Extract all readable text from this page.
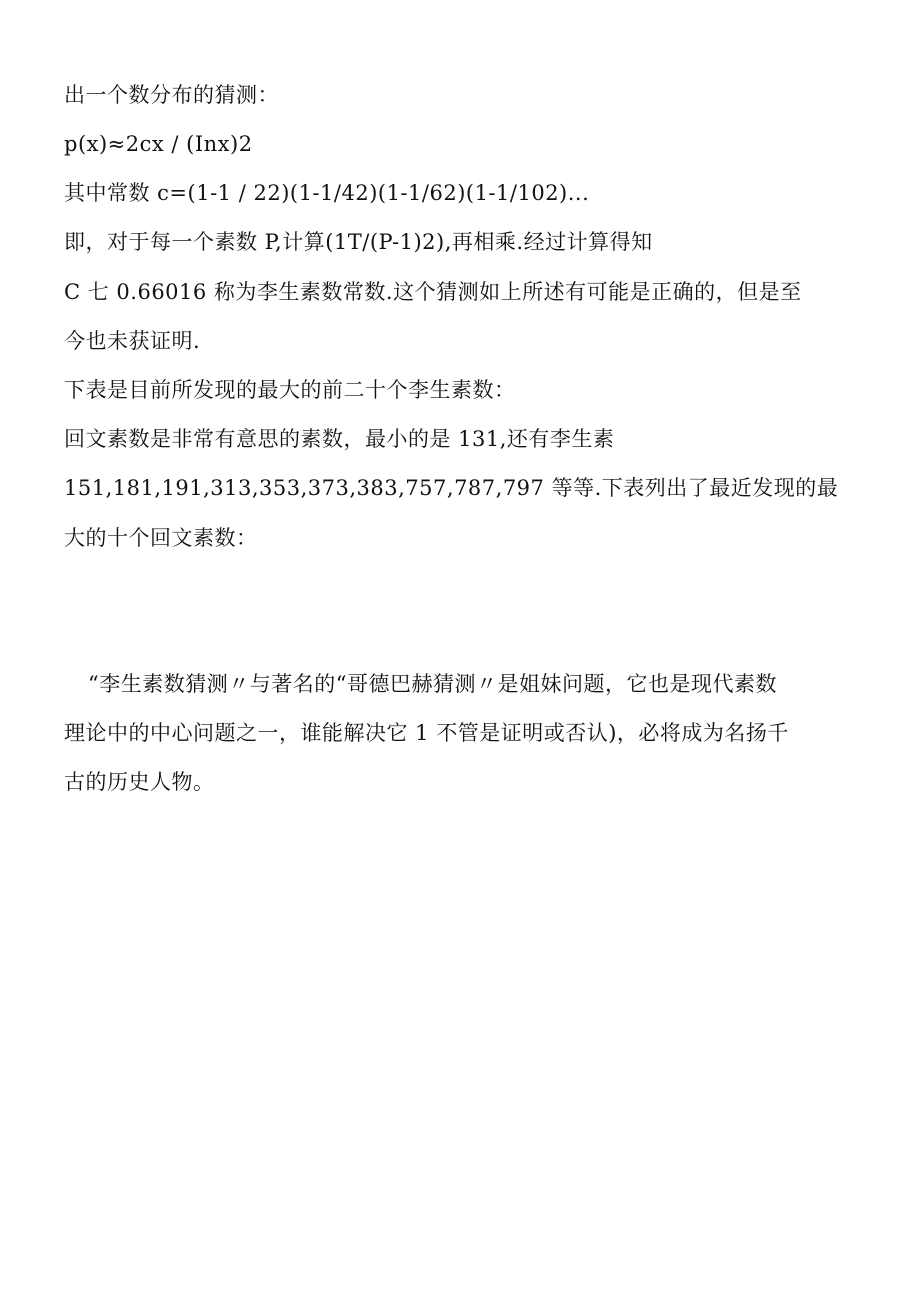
出一个数分布的猜测：
p(x)≈2cx / (Inx)2
其中常数 c=(1-1 / 22)(1-1/42)(1-1/62)(1-1/102)...
即，对于每一个素数 P,计算(1T/(P-1)2),再相乘.经过计算得知
C 七 0.66016 称为李生素数常数.这个猜测如上所述有可能是正确的，但是至
今也未获证明.
下表是目前所发现的最大的前二十个李生素数：
回文素数是非常有意思的素数，最小的是 131,还有李生素
151,181,191,313,353,373,383,757,787,797 等等.下表列出了最近发现的最
大的十个回文素数：
“李生素数猜测〃与著名的“哥德巴赫猜测〃是姐妹问题，它也是现代素数
理论中的中心问题之一，谁能解决它 1 不管是证明或否认)，必将成为名扬千
古的历史人物。
